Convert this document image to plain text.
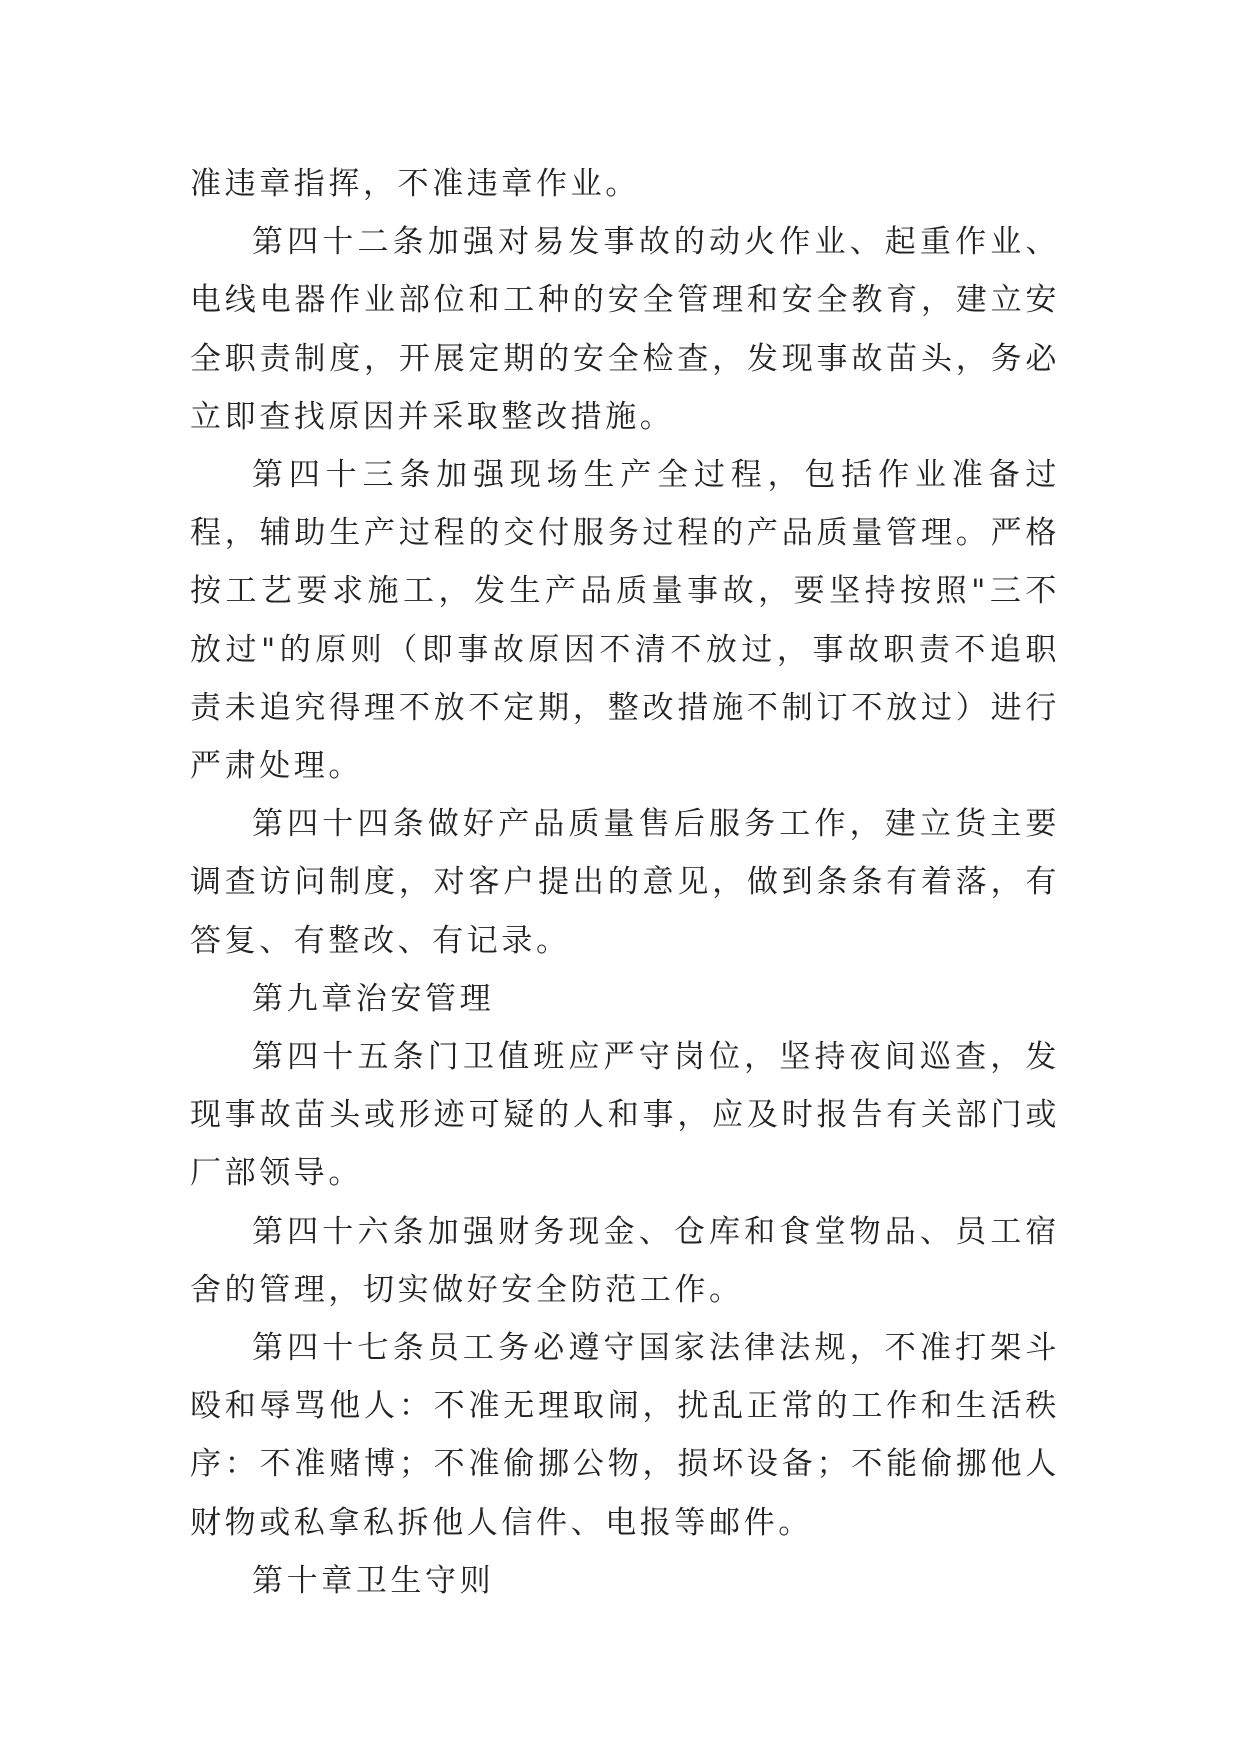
准违章指挥，不准违章作业。

第四十二条加强对易发事故的动火作业、起重作业、电线电器作业部位和工种的安全管理和安全教育，建立安全职责制度，开展定期的安全检查，发现事故苗头，务必立即查找原因并采取整改措施。

第四十三条加强现场生产全过程，包括作业准备过程，辅助生产过程的交付服务过程的产品质量管理。严格按工艺要求施工，发生产品质量事故，要坚持按照"三不放过"的原则（即事故原因不清不放过，事故职责不追职责未追究得理不放不定期，整改措施不制订不放过）进行严肃处理。

第四十四条做好产品质量售后服务工作，建立货主要调查访问制度，对客户提出的意见，做到条条有着落，有答复、有整改、有记录。

第九章治安管理

第四十五条门卫值班应严守岗位，坚持夜间巡查，发现事故苗头或形迹可疑的人和事，应及时报告有关部门或厂部领导。

第四十六条加强财务现金、仓库和食堂物品、员工宿舍的管理，切实做好安全防范工作。

第四十七条员工务必遵守国家法律法规，不准打架斗殴和辱骂他人：不准无理取闹，扰乱正常的工作和生活秩序：不准赌博；不准偷挪公物，损坏设备；不能偷挪他人财物或私拿私拆他人信件、电报等邮件。

第十章卫生守则
